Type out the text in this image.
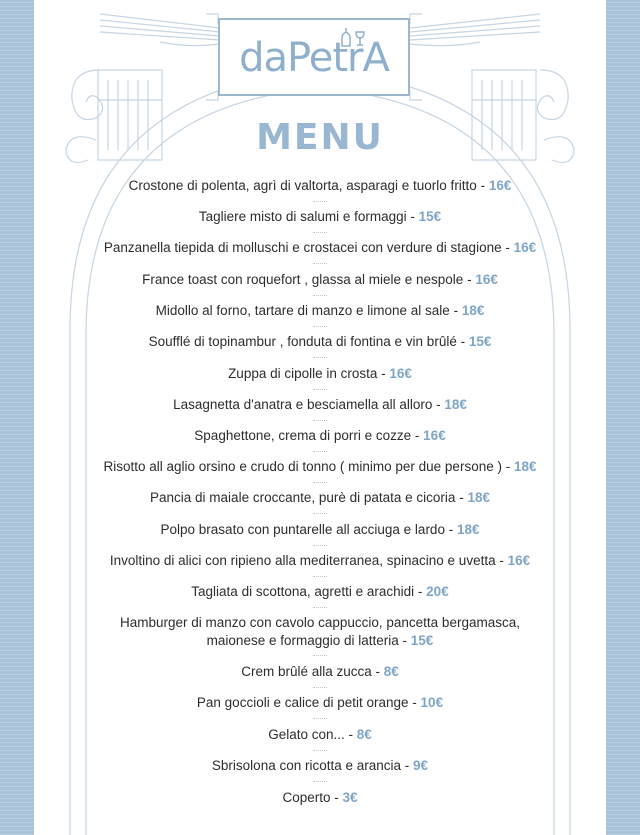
daPetrA
MENU
Crostone di polenta, agrì di valtorta, asparagi e tuorlo fritto - 16€
Tagliere misto di salumi e formaggi - 15€
Panzanella tiepida di molluschi e crostacei con verdure di stagione - 16€
France toast con roquefort , glassa al miele e nespole - 16€
Midollo al forno, tartare di manzo e limone al sale - 18€
Soufflé di topinambur , fonduta di fontina e vin brûlé - 15€
Zuppa di cipolle in crosta - 16€
Lasagnetta d'anatra e besciamella all alloro - 18€
Spaghettone, crema di porri e cozze - 16€
Risotto all aglio orsino e crudo di tonno ( minimo per due persone ) - 18€
Pancia di maiale croccante, purè di patata e cicoria - 18€
Polpo brasato con puntarelle all acciuga e lardo - 18€
Involtino di alici con ripieno alla mediterranea, spinacino e uvetta - 16€
Tagliata di scottona, agretti e arachidi - 20€
Hamburger di manzo con cavolo cappuccio, pancetta bergamasca,
maionese e formaggio di latteria - 15€
Crem brûlé alla zucca - 8€
Pan goccioli e calice di petit orange - 10€
Gelato con... - 8€
Sbrisolona con ricotta e arancia - 9€
Coperto - 3€
